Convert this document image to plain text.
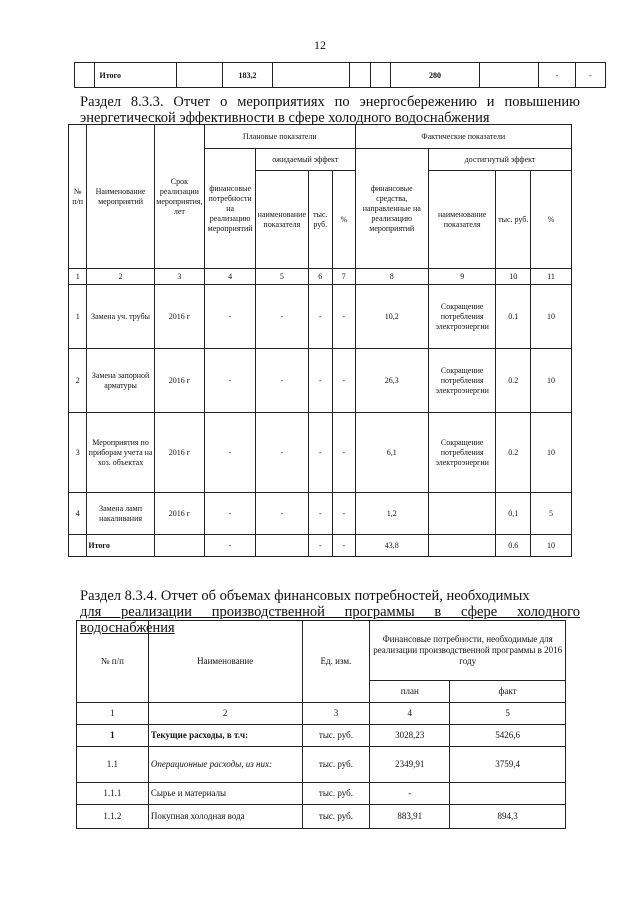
12
	Итого		183,2				280		-	-
Раздел 8.3.3. Отчет о мероприятиях по энергосбережению и повышению энергетической эффективности в сфере холодного водоснабжения
№ п/п	Наименование мероприятий	Срок реализации мероприятия, лет	Плановые показатели				Фактические показатели			
			финансовые потребности на реализацию мероприятий	ожидаемый эффект			финансовые средства, направленные на реализацию мероприятий	достигнутый эффект		
				наименование показателя	тыс. руб.	%		наименование показателя	тыс. руб.	%
1	2	3	4	5	6	7	8	9	10	11
1	Замена уч. трубы	2016 г	-	-	-	-	10,2	Сокращение потребления электроэнергии	0.1	10
2	Замена запорной арматуры	2016 г	-	-	-	-	26,3	Сокращение потребления электроэнергии	0.2	10
3	Мероприятия по приборам учета на хоз. объектах	2016 г	-	-	-	-	6,1	Сокращение потребления электроэнергии	0.2	10
4	Замена ламп накаливания	2016 г	-	-	-	-	1,2		0,1	5
	Итого		-		-	-	43,8		0.6	10
Раздел 8.3.4. Отчет об объемах финансовых потребностей, необходимых
для реализации производственной программы в сфере холодного водоснабжения
№ п/п	Наименование	Ед. изм.	Финансовые потребности, необходимые для реализации производственной программы в 2016 году	
			план	факт
1	2	3	4	5
1	Текущие расходы, в т.ч:	тыс. руб.	3028,23	5426,6
1.1	Операционные расходы, из них:	тыс. руб.	2349,91	3759,4
1.1.1	Сырье и материалы	тыс. руб.	-	
1.1.2	Покупная холодная вода	тыс. руб.	883,91	894,3
